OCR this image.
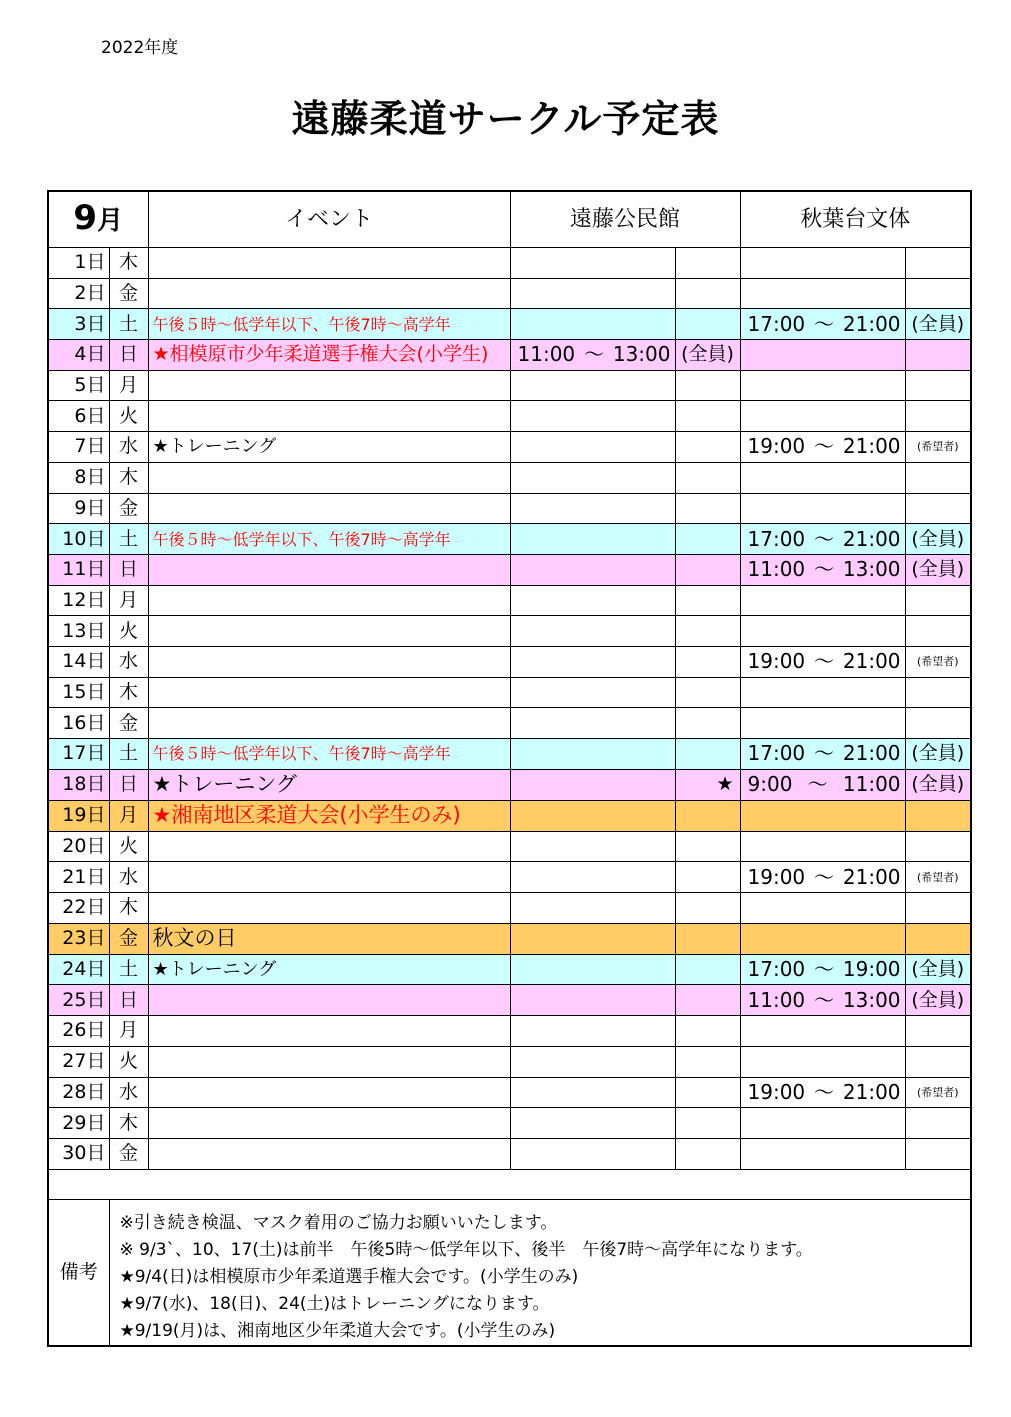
2022年度
遠藤柔道サークル予定表
9月		イベント	遠藤公民館		秋葉台文体	
1日	木		

2日	金		

3日	土	午後５時～低学年以下、午後7時～高学年			17:00 ～ 21:00	(全員)
4日	日	★相模原市少年柔道選手権大会(小学生)	11:00 ～ 13:00	(全員)	

5日	月		

6日	火		

7日	水	★トレーニング			19:00 ～ 21:00	(希望者)
8日	木		

9日	金		

10日	土	午後５時～低学年以下、午後7時～高学年			17:00 ～ 21:00	(全員)
11日	日				11:00 ～ 13:00	(全員)
12日	月		

13日	火		

14日	水				19:00 ～ 21:00	(希望者)
15日	木		

16日	金		

17日	土	午後５時～低学年以下、午後7時～高学年			17:00 ～ 21:00	(全員)
18日	日	★トレーニング		★	9:00 ～ 11:00	(全員)
19日	月	★湘南地区柔道大会(小学生のみ)	

20日	火		

21日	水				19:00 ～ 21:00	(希望者)
22日	木		

23日	金	秋文の日	

24日	土	★トレーニング			17:00 ～ 19:00	(全員)
25日	日				11:00 ～ 13:00	(全員)
26日	月		

27日	火		

28日	水				19:00 ～ 21:00	(希望者)
29日	木		

30日	金		

備考	※引き続き検温、マスク着用のご協力お願いいたします。
※ 9/3`、10、17(土)は前半　午後5時～低学年以下、後半　午後7時～高学年になります。
★9/4(日)は相模原市少年柔道選手権大会です。(小学生のみ)
★9/7(水)、18(日)、24(土)はトレーニングになります。
★9/19(月)は、湘南地区少年柔道大会です。(小学生のみ)					
